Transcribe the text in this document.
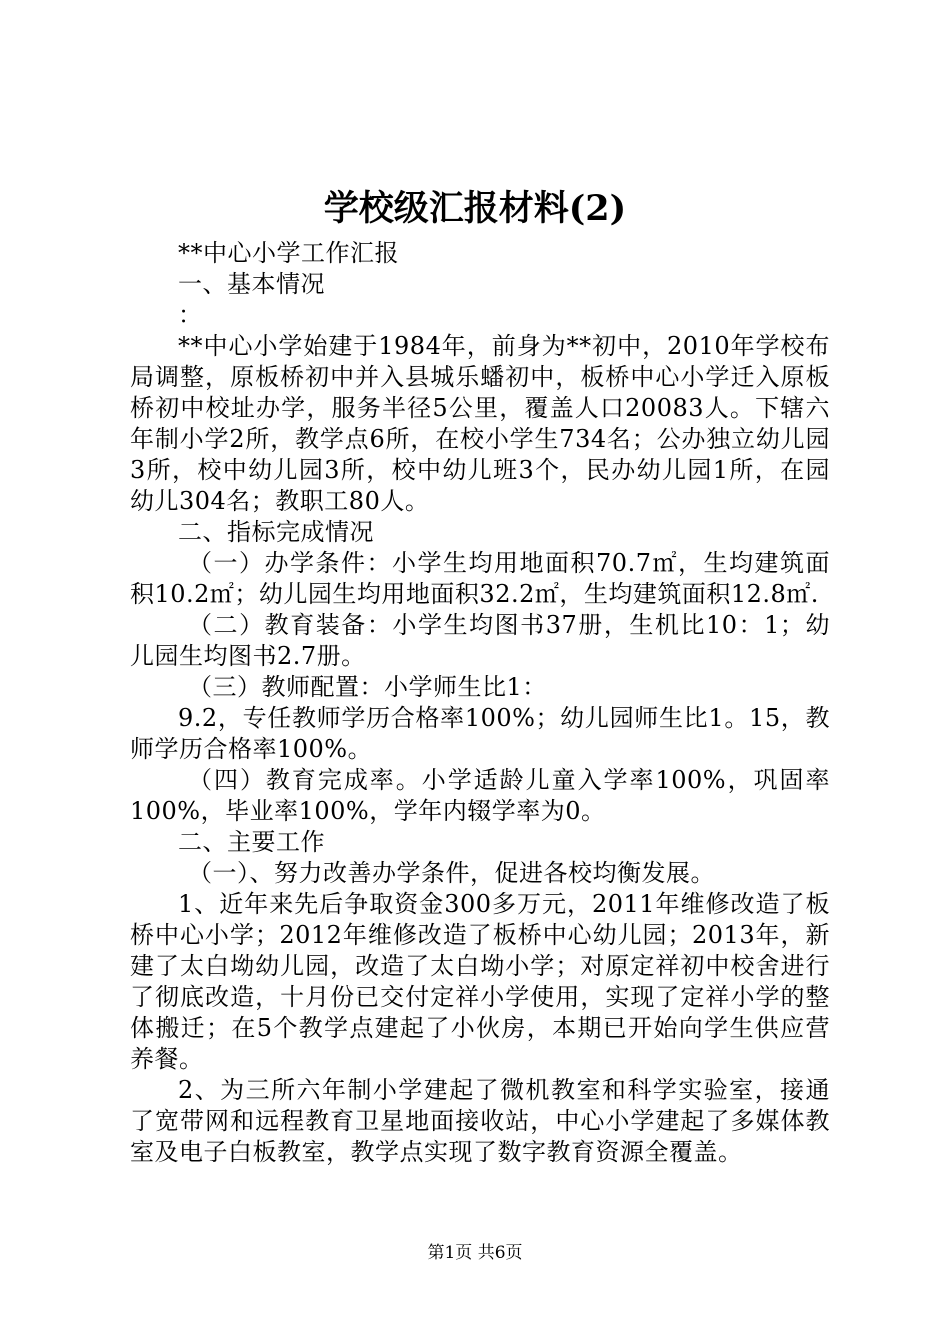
学校级汇报材料(2)

**中心小学工作汇报

一、基本情况

：

**中心小学始建于1984年，前身为**初中，2010年学校布局调整，原板桥初中并入县城乐蟠初中，板桥中心小学迁入原板桥初中校址办学，服务半径5公里，覆盖人口20083人。下辖六年制小学2所，教学点6所，在校小学生734名；公办独立幼儿园3所，校中幼儿园3所，校中幼儿班3个，民办幼儿园1所，在园幼儿304名；教职工80人。

二、指标完成情况

（一）办学条件：小学生均用地面积70.7㎡，生均建筑面积10.2㎡；幼儿园生均用地面积32.2㎡，生均建筑面积12.8㎡.

（二）教育装备：小学生均图书37册，生机比10：1；幼儿园生均图书2.7册。

（三）教师配置：小学师生比1：

9.2，专任教师学历合格率100%；幼儿园师生比1。15，教师学历合格率100%。

（四）教育完成率。小学适龄儿童入学率100%，巩固率100%，毕业率100%，学年内辍学率为0。

二、主要工作

（一）、努力改善办学条件，促进各校均衡发展。

1、近年来先后争取资金300多万元，2011年维修改造了板桥中心小学；2012年维修改造了板桥中心幼儿园；2013年，新建了太白坳幼儿园，改造了太白坳小学；对原定祥初中校舍进行了彻底改造，十月份已交付定祥小学使用，实现了定祥小学的整体搬迁；在5个教学点建起了小伙房，本期已开始向学生供应营养餐。

2、为三所六年制小学建起了微机教室和科学实验室，接通了宽带网和远程教育卫星地面接收站，中心小学建起了多媒体教室及电子白板教室，教学点实现了数字教育资源全覆盖。

第1页 共6页
